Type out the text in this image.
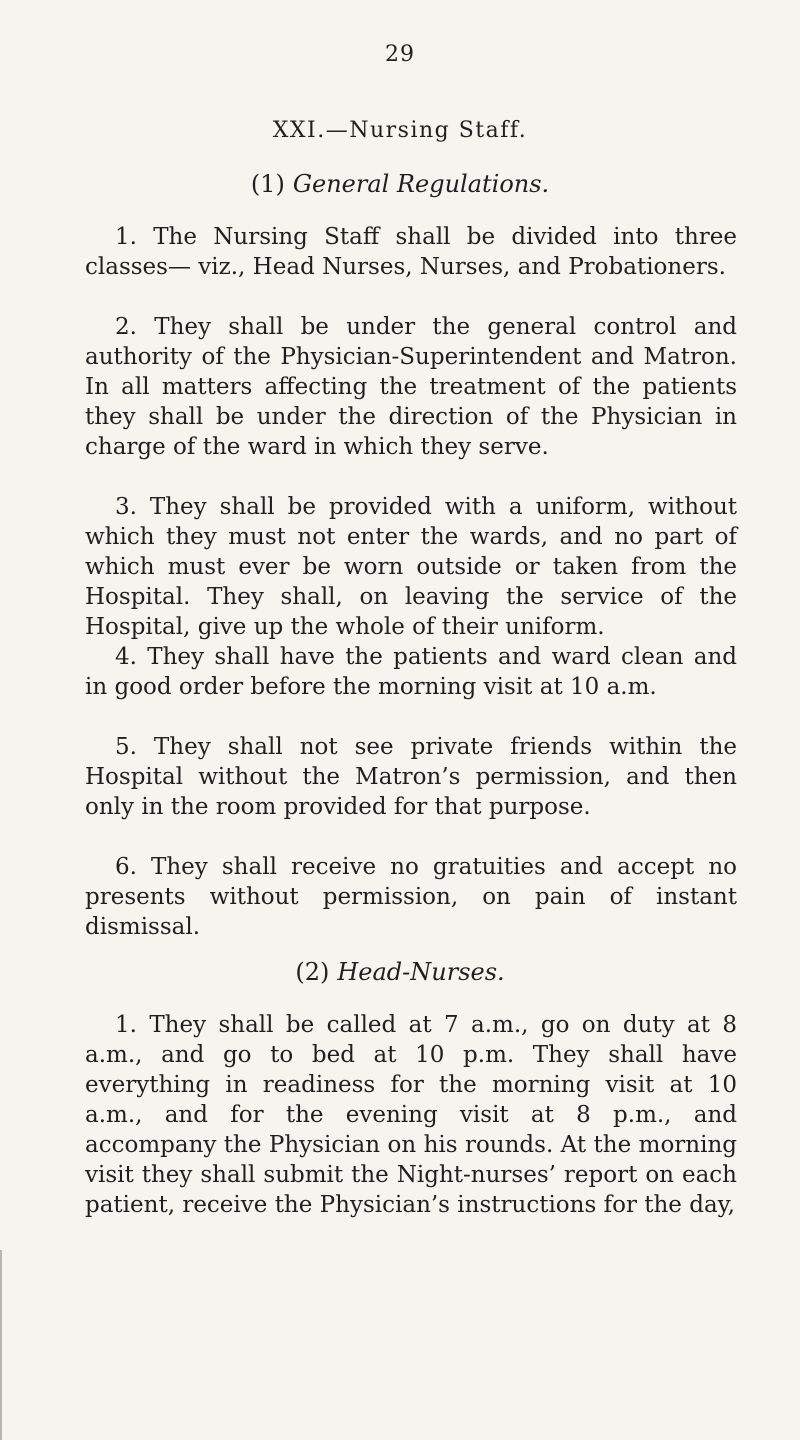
29
XXI.—Nursing Staff.
(1) General Regulations.

1. The Nursing Staff shall be divided into three classes— viz., Head Nurses, Nurses, and Probationers.

2. They shall be under the general control and authority of the Physician-Superintendent and Matron. In all matters affecting the treatment of the patients they shall be under the direction of the Physician in charge of the ward in which they serve.

3. They shall be provided with a uniform, without which they must not enter the wards, and no part of which must ever be worn outside or taken from the Hospital. They shall, on leaving the service of the Hospital, give up the whole of their uniform.

4. They shall have the patients and ward clean and in good order before the morning visit at 10 a.m.

5. They shall not see private friends within the Hospital without the Matron’s permission, and then only in the room provided for that purpose.

6. They shall receive no gratuities and accept no presents without permission, on pain of instant dismissal.

(2) Head-Nurses.

1. They shall be called at 7 a.m., go on duty at 8 a.m., and go to bed at 10 p.m. They shall have everything in readiness for the morning visit at 10 a.m., and for the evening visit at 8 p.m., and accompany the Physician on his rounds. At the morning visit they shall submit the Night-nurses’ report on each patient, receive the Physician’s instructions for the day,
